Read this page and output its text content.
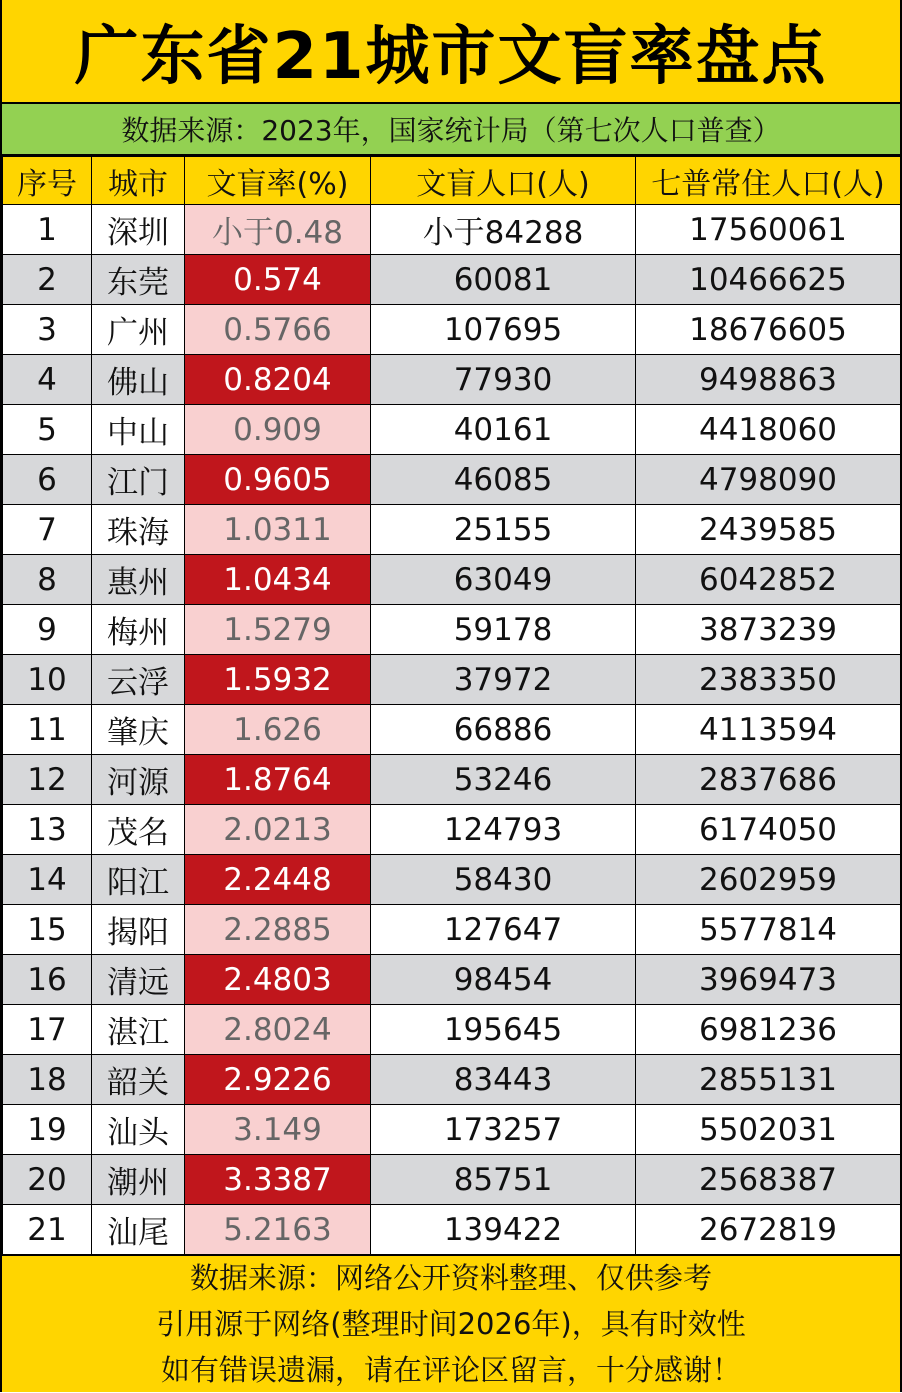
广东省21城市文盲率盘点
数据来源：2023年，国家统计局（第七次人口普查）
序号	城市	文盲率(%)	文盲人口(人)	七普常住人口(人)
1	深圳	小于0.48	小于84288	17560061
2	东莞	0.574	60081	10466625
3	广州	0.5766	107695	18676605
4	佛山	0.8204	77930	9498863
5	中山	0.909	40161	4418060
6	江门	0.9605	46085	4798090
7	珠海	1.0311	25155	2439585
8	惠州	1.0434	63049	6042852
9	梅州	1.5279	59178	3873239
10	云浮	1.5932	37972	2383350
11	肇庆	1.626	66886	4113594
12	河源	1.8764	53246	2837686
13	茂名	2.0213	124793	6174050
14	阳江	2.2448	58430	2602959
15	揭阳	2.2885	127647	5577814
16	清远	2.4803	98454	3969473
17	湛江	2.8024	195645	6981236
18	韶关	2.9226	83443	2855131
19	汕头	3.149	173257	5502031
20	潮州	3.3387	85751	2568387
21	汕尾	5.2163	139422	2672819
数据来源：网络公开资料整理、仅供参考
引用源于网络(整理时间2026年)，具有时效性
如有错误遗漏，请在评论区留言，十分感谢！
